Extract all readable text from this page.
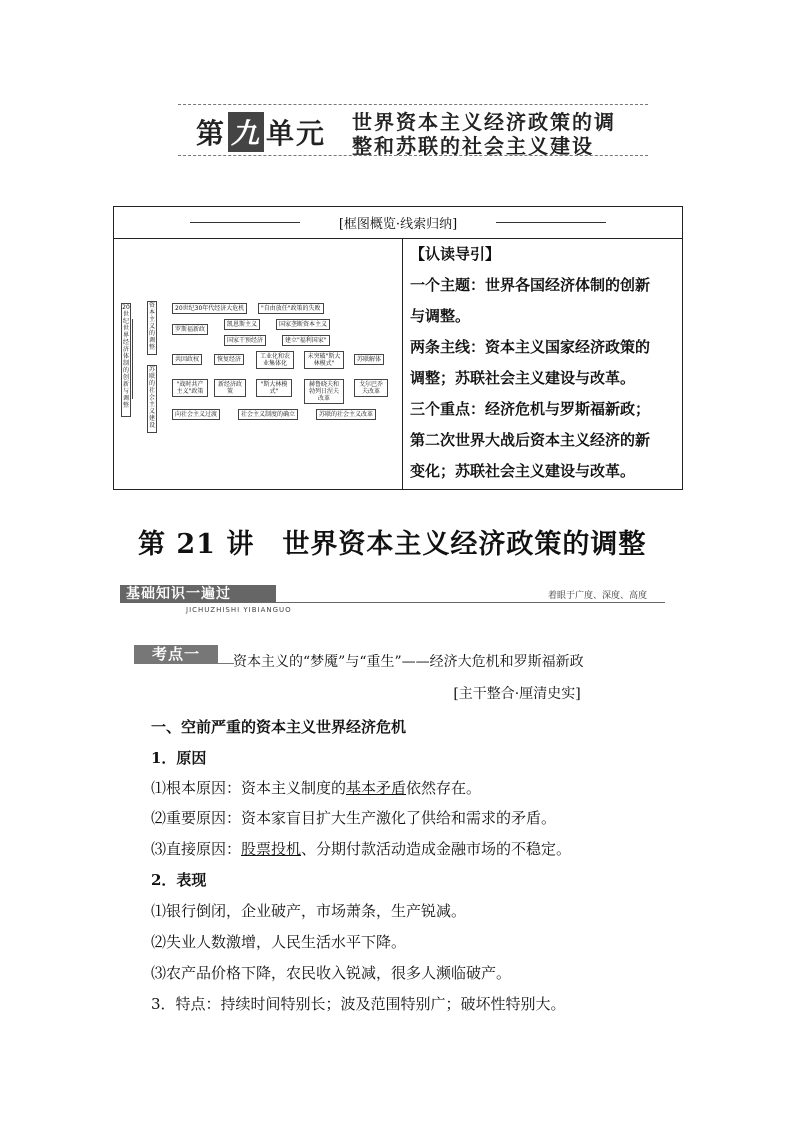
第 九 单元 世界资本主义经济政策的调
整和苏联的社会主义建设
[框图概览·线索归纳]
20世纪世界经济体制的创新与调整
资本主义的调整
苏联的社会主义建设
20世纪30年代经济大危机	"自由放任"政策的失败
罗斯福新政
凯恩斯主义	国家垄断资本主义
国家干预经济	建立"福利国家"
共因政权	恢复经济	工业化和农业集体化
未突破"斯大林模式"
苏联解体
"战时共产主义"政策
新经济政策
"斯大林模式"
赫鲁晓夫和勃列日涅夫改革
戈尔巴乔夫改革
向社会主义过渡	社会主义制度的确立	苏联的社会主义改革

【认读导引】

一个主题：世界各国经济体制的创新

与调整。

两条主线：资本主义国家经济政策的

调整；苏联社会主义建设与改革。

三个重点：经济危机与罗斯福新政；

第二次世界大战后资本主义经济的新

变化；苏联社会主义建设与改革。

第 21 讲　世界资本主义经济政策的调整
基础知识一遍过
JICHUZHISHI YIBIANGUO
着眼于广度、深度、高度
考点一	资本主义的“梦魇”与“重生”——经济大危机和罗斯福新政
[主干整合·厘清史实]
一、空前严重的资本主义世界经济危机
1．原因
⑴根本原因：资本主义制度的基本矛盾依然存在。
⑵重要原因：资本家盲目扩大生产激化了供给和需求的矛盾。
⑶直接原因：股票投机、分期付款活动造成金融市场的不稳定。
2．表现
⑴银行倒闭，企业破产，市场萧条，生产锐减。
⑵失业人数激增，人民生活水平下降。
⑶农产品价格下降，农民收入锐减，很多人濒临破产。
3．特点：持续时间特别长；波及范围特别广；破坏性特别大。
